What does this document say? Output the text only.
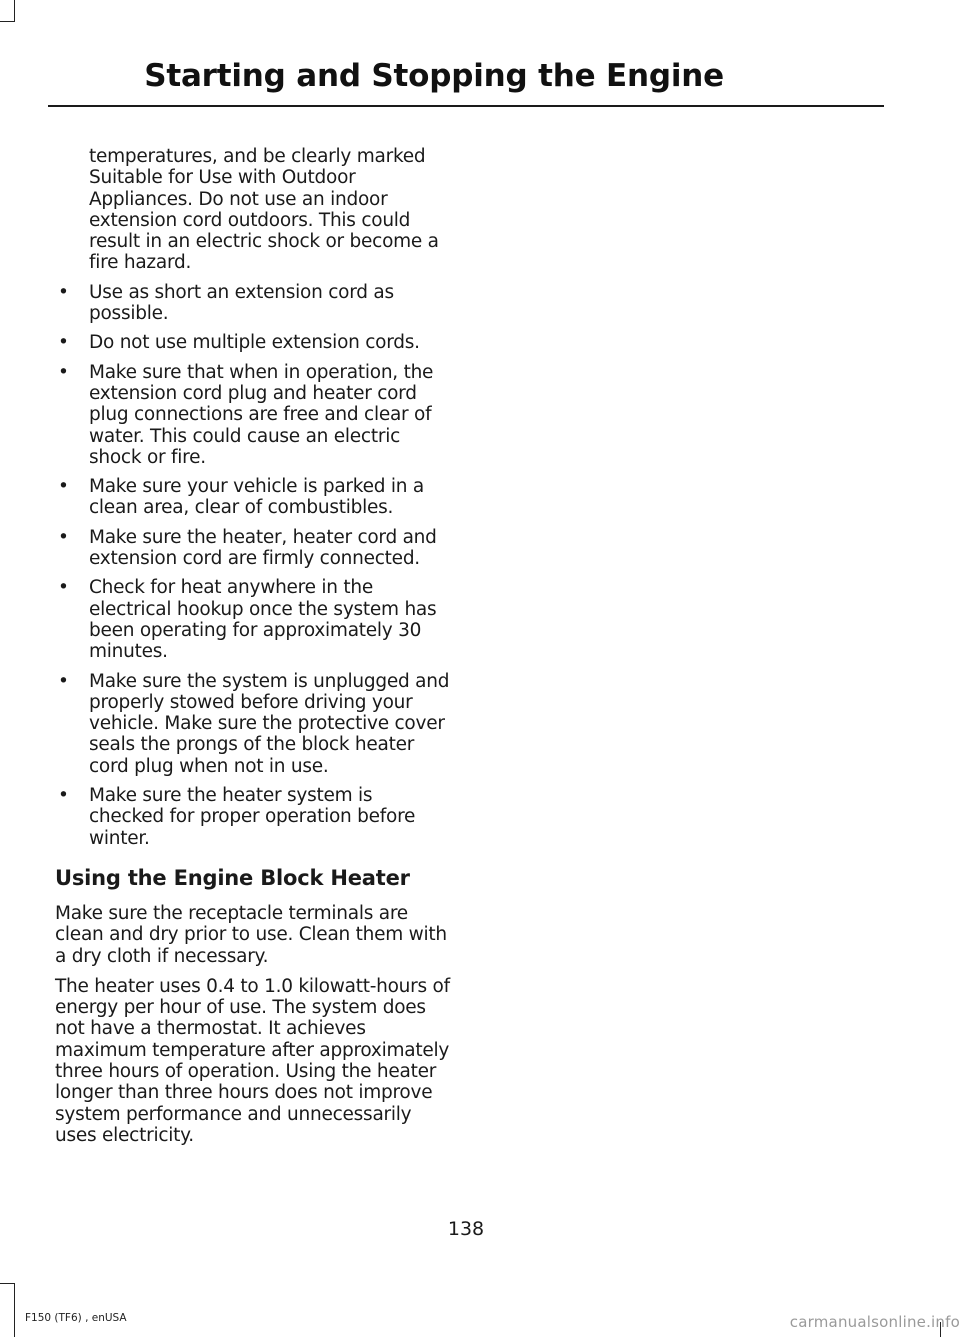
Starting and Stopping the Engine

temperatures, and be clearly marked Suitable for Use with Outdoor Appliances. Do not use an indoor extension cord outdoors. This could result in an electric shock or become a fire hazard.

• Use as short an extension cord as possible.
• Do not use multiple extension cords.
• Make sure that when in operation, the extension cord plug and heater cord plug connections are free and clear of water. This could cause an electric shock or fire.
• Make sure your vehicle is parked in a clean area, clear of combustibles.
• Make sure the heater, heater cord and extension cord are firmly connected.
• Check for heat anywhere in the electrical hookup once the system has been operating for approximately 30 minutes.
• Make sure the system is unplugged and properly stowed before driving your vehicle. Make sure the protective cover seals the prongs of the block heater cord plug when not in use.
• Make sure the heater system is checked for proper operation before winter.
Using the Engine Block Heater

Make sure the receptacle terminals are clean and dry prior to use. Clean them with a dry cloth if necessary.

The heater uses 0.4 to 1.0 kilowatt-hours of energy per hour of use. The system does not have a thermostat. It achieves maximum temperature after approximately three hours of operation. Using the heater longer than three hours does not improve system performance and unnecessarily uses electricity.

138
F150 (TF6) , enUSA	carmanualsonline.info
